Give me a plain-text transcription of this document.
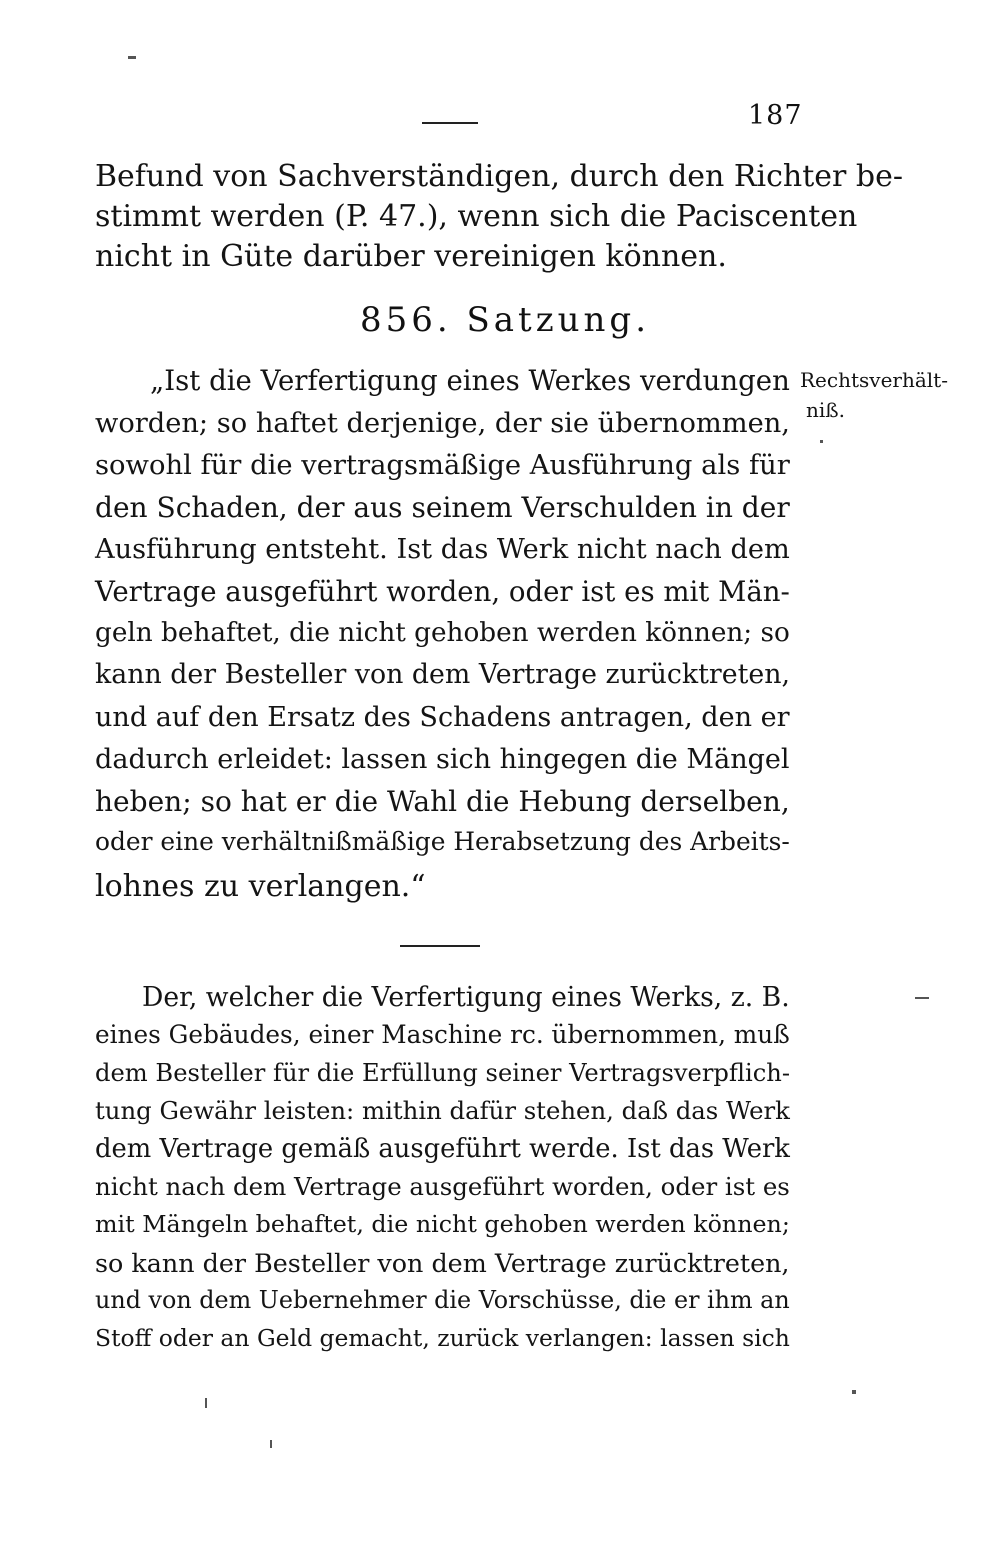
187
Befund von Sachverständigen, durch den Richter be-
stimmt werden (P. 47.), wenn sich die Paciscenten
nicht in Güte darüber vereinigen können.
856. Satzung.
Rechtsverhält-
niß.
„Ist die Verfertigung eines Werkes verdungen
worden; so haftet derjenige, der sie übernommen,
sowohl für die vertragsmäßige Ausführung als für
den Schaden, der aus seinem Verschulden in der
Ausführung entsteht. Ist das Werk nicht nach dem
Vertrage ausgeführt worden, oder ist es mit Män-
geln behaftet, die nicht gehoben werden können; so
kann der Besteller von dem Vertrage zurücktreten,
und auf den Ersatz des Schadens antragen, den er
dadurch erleidet: lassen sich hingegen die Mängel
heben; so hat er die Wahl die Hebung derselben,
oder eine verhältnißmäßige Herabsetzung des Arbeits-
lohnes zu verlangen.“
Der, welcher die Verfertigung eines Werks, z. B.
eines Gebäudes, einer Maschine rc. übernommen, muß
dem Besteller für die Erfüllung seiner Vertragsverpflich-
tung Gewähr leisten: mithin dafür stehen, daß das Werk
dem Vertrage gemäß ausgeführt werde. Ist das Werk
nicht nach dem Vertrage ausgeführt worden, oder ist es
mit Mängeln behaftet, die nicht gehoben werden können;
so kann der Besteller von dem Vertrage zurücktreten,
und von dem Uebernehmer die Vorschüsse, die er ihm an
Stoff oder an Geld gemacht, zurück verlangen: lassen sich
